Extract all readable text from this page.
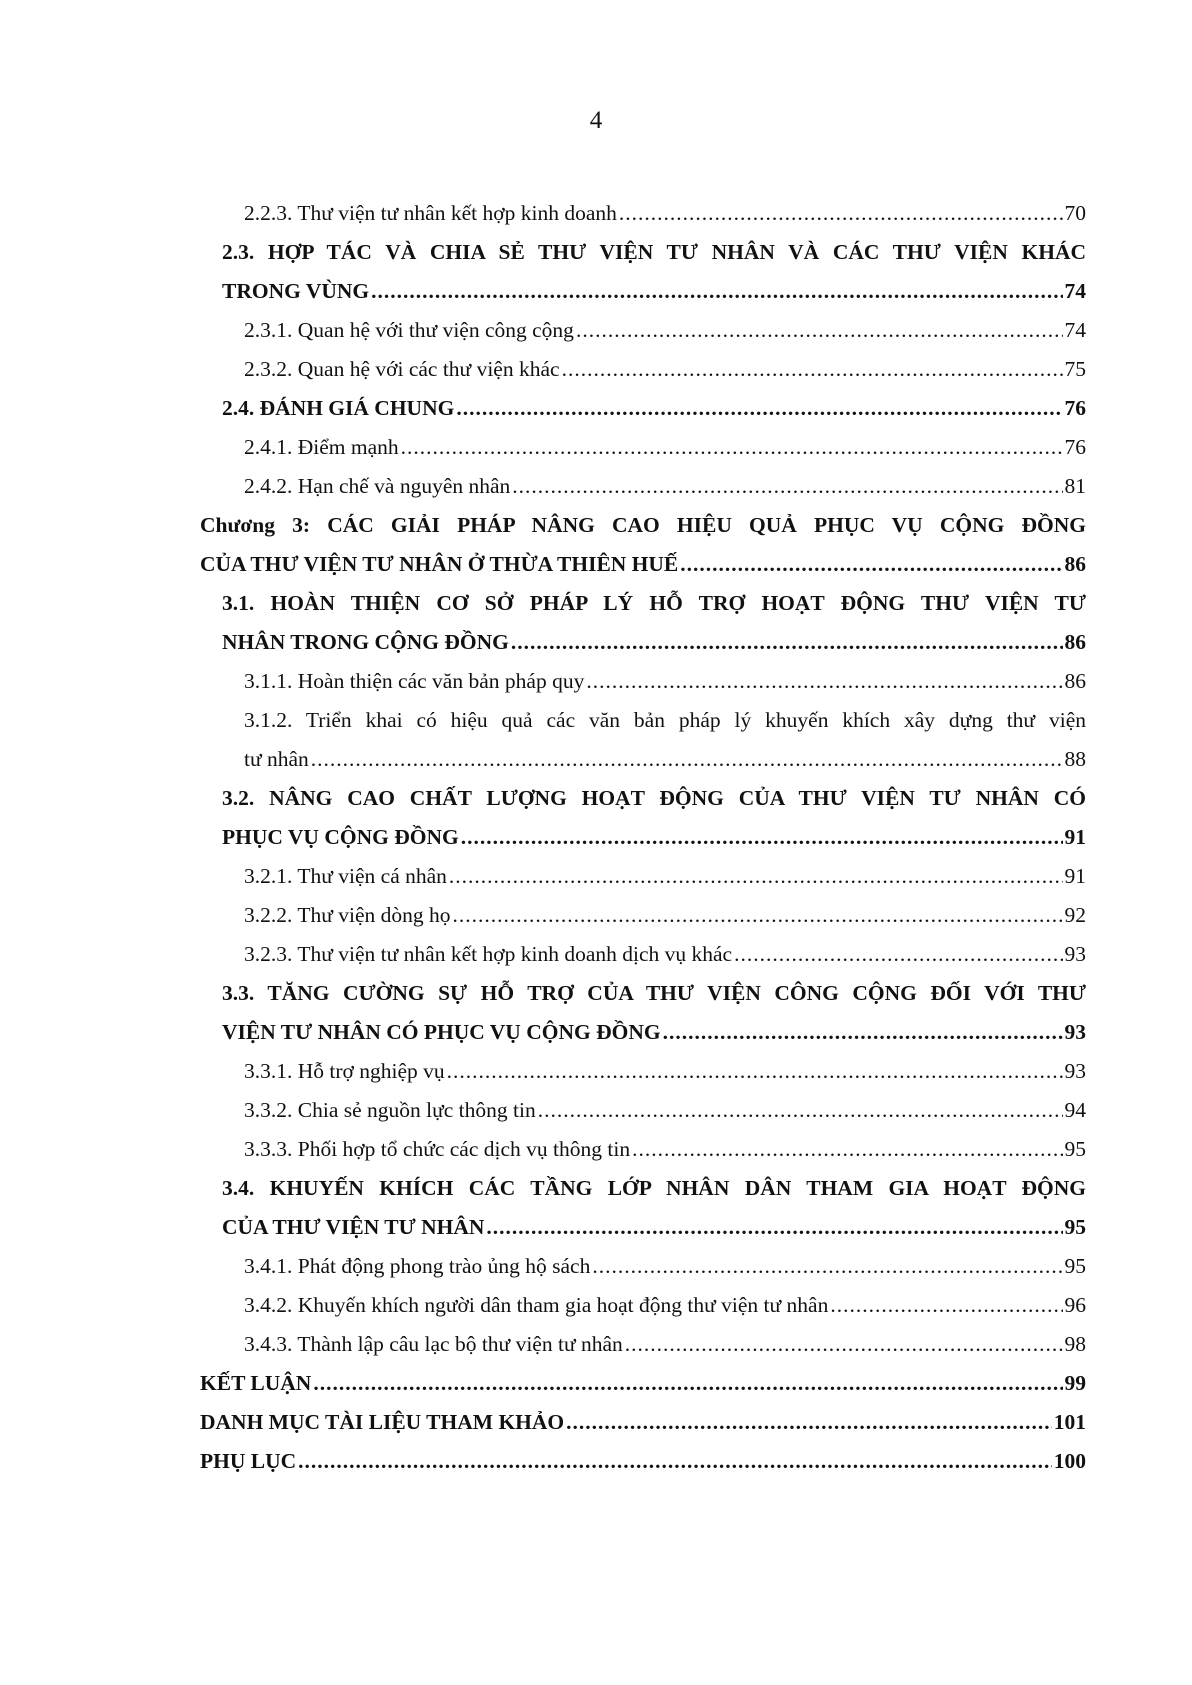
4
2.2.3. Thư viện tư nhân kết hợp kinh doanh .....	70
2.3. HỢP TÁC VÀ CHIA SẺ THƯ VIỆN TƯ NHÂN VÀ CÁC THƯ VIỆN KHÁC
TRONG VÙNG .....	74
2.3.1. Quan hệ với thư viện công cộng .....	74
2.3.2. Quan hệ với các thư viện khác .....	75
2.4. ĐÁNH GIÁ CHUNG .....	76
2.4.1. Điểm mạnh .....	76
2.4.2. Hạn chế và nguyên nhân .....	81
Chương 3: CÁC GIẢI PHÁP NÂNG CAO HIỆU QUẢ PHỤC VỤ CỘNG ĐỒNG
CỦA THƯ VIỆN TƯ NHÂN Ở THỪA THIÊN HUẾ .....	86
3.1. HOÀN THIỆN CƠ SỞ PHÁP LÝ HỖ TRỢ HOẠT ĐỘNG THƯ VIỆN TƯ
NHÂN TRONG CỘNG ĐỒNG .....	86
3.1.1. Hoàn thiện các văn bản pháp quy .....	86
3.1.2. Triển khai có hiệu quả các văn bản pháp lý khuyến khích xây dựng thư viện
tư nhân .....	88
3.2. NÂNG CAO CHẤT LƯỢNG HOẠT ĐỘNG CỦA THƯ VIỆN TƯ NHÂN CÓ
PHỤC VỤ CỘNG ĐỒNG .....	91
3.2.1. Thư viện cá nhân .....	91
3.2.2. Thư viện dòng họ .....	92
3.2.3. Thư viện tư nhân kết hợp kinh doanh dịch vụ khác .....	93
3.3. TĂNG CƯỜNG SỰ HỖ TRỢ CỦA THƯ VIỆN CÔNG CỘNG ĐỐI VỚI THƯ
VIỆN TƯ NHÂN CÓ PHỤC VỤ CỘNG ĐỒNG .....	93
3.3.1. Hỗ trợ nghiệp vụ .....	93
3.3.2. Chia sẻ nguồn lực thông tin .....	94
3.3.3. Phối hợp tổ chức các dịch vụ thông tin .....	95
3.4. KHUYẾN KHÍCH CÁC TẦNG LỚP NHÂN DÂN THAM GIA HOẠT ĐỘNG
CỦA THƯ VIỆN TƯ NHÂN .....	95
3.4.1. Phát động phong trào ủng hộ sách .....	95
3.4.2. Khuyến khích người dân tham gia hoạt động thư viện tư nhân .....	96
3.4.3. Thành lập câu lạc bộ thư viện tư nhân .....	98
KẾT LUẬN .....	99
DANH MỤC TÀI LIỆU THAM KHẢO .....	101
PHỤ LỤC .....	100
